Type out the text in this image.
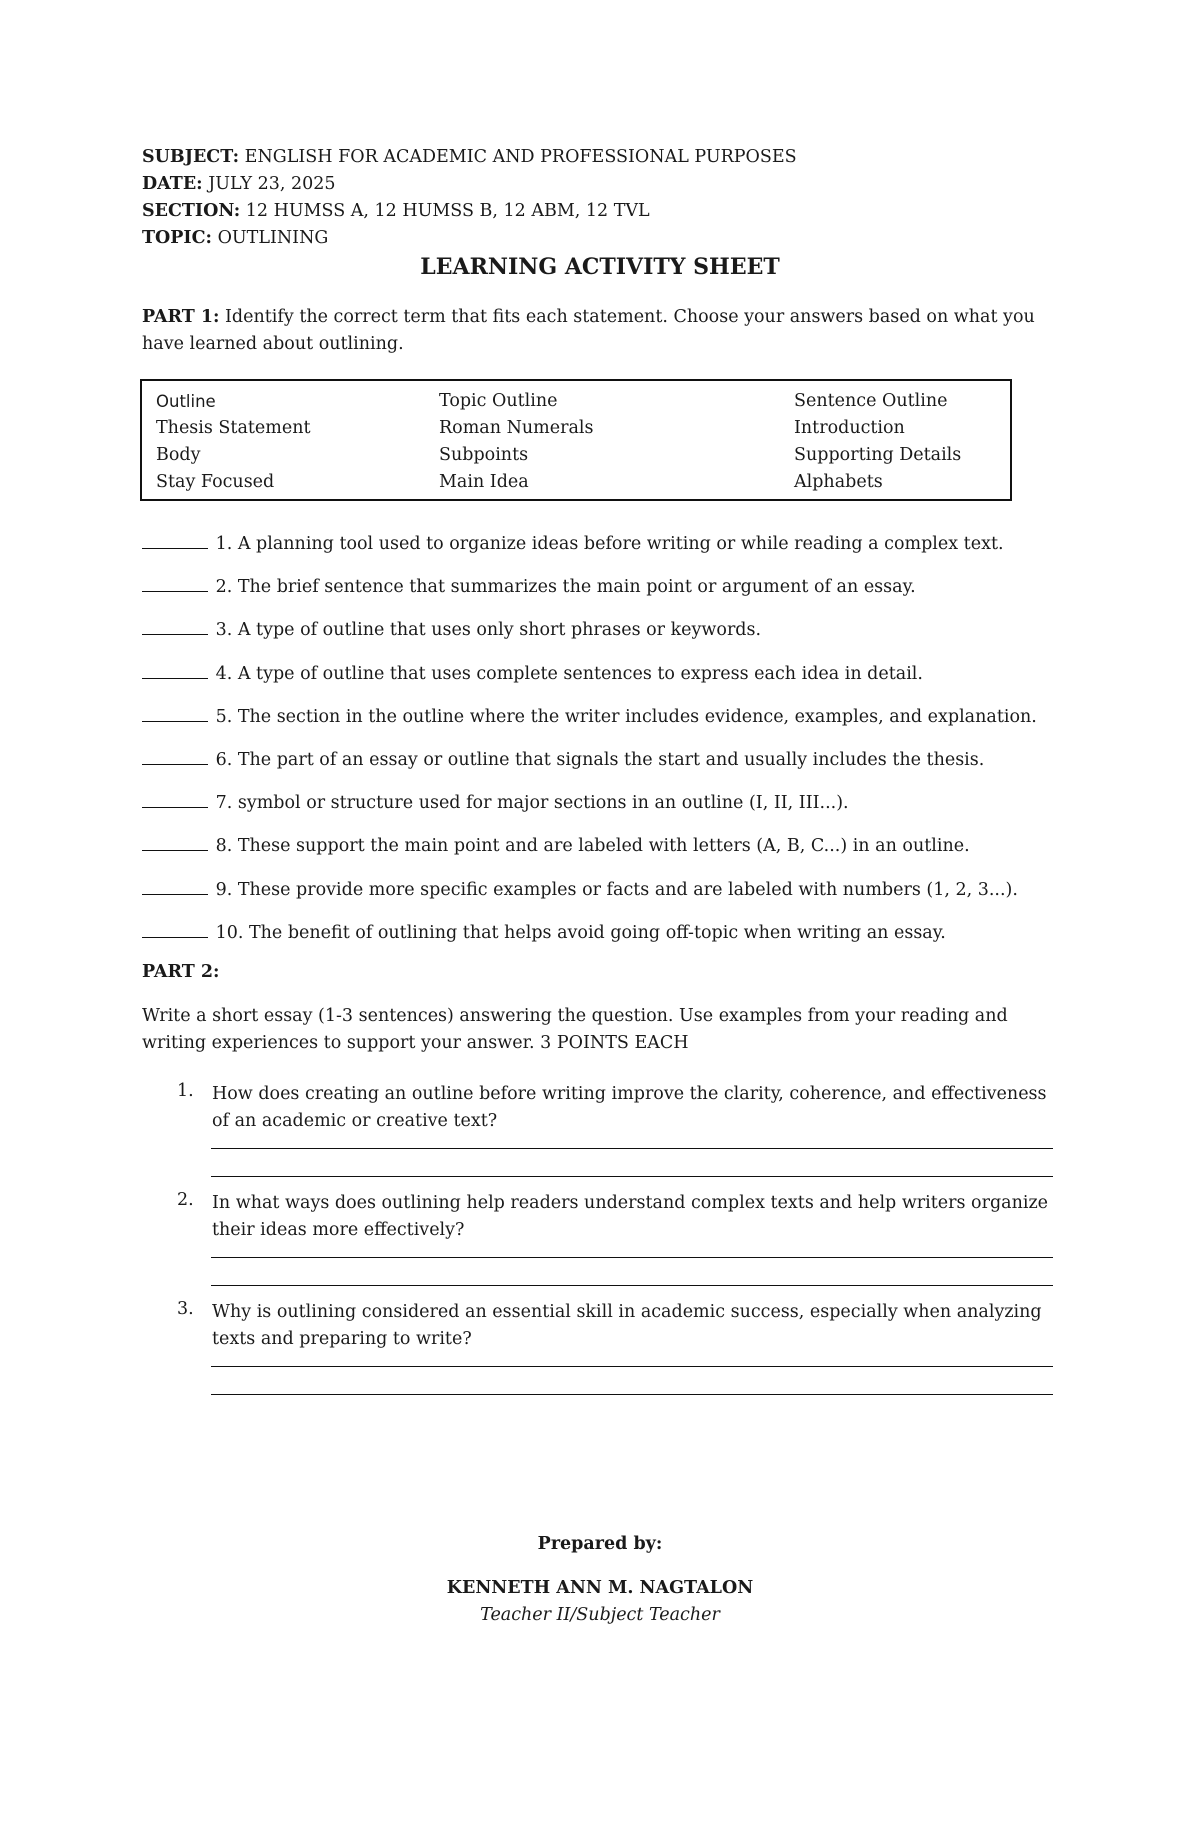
SUBJECT: ENGLISH FOR ACADEMIC AND PROFESSIONAL PURPOSES
DATE: JULY 23, 2025
SECTION: 12 HUMSS A, 12 HUMSS B, 12 ABM, 12 TVL
TOPIC: OUTLINING
LEARNING ACTIVITY SHEET
PART 1: Identify the correct term that fits each statement. Choose your answers based on what you have learned about outlining.
Outline	Topic Outline	Sentence Outline
Thesis Statement	Roman Numerals	Introduction
Body	Subpoints	Supporting Details
Stay Focused	Main Idea	Alphabets
1. A planning tool used to organize ideas before writing or while reading a complex text.
2. The brief sentence that summarizes the main point or argument of an essay.
3. A type of outline that uses only short phrases or keywords.
4. A type of outline that uses complete sentences to express each idea in detail.
5. The section in the outline where the writer includes evidence, examples, and explanation.
6. The part of an essay or outline that signals the start and usually includes the thesis.
7. symbol or structure used for major sections in an outline (I, II, III...).
8. These support the main point and are labeled with letters (A, B, C...) in an outline.
9. These provide more specific examples or facts and are labeled with numbers (1, 2, 3...).
10. The benefit of outlining that helps avoid going off-topic when writing an essay.
PART 2:
Write a short essay (1-3 sentences) answering the question. Use examples from your reading and writing experiences to support your answer. 3 POINTS EACH
1. How does creating an outline before writing improve the clarity, coherence, and effectiveness of an academic or creative text?
2. In what ways does outlining help readers understand complex texts and help writers organize their ideas more effectively?
3. Why is outlining considered an essential skill in academic success, especially when analyzing texts and preparing to write?
Prepared by:
KENNETH ANN M. NAGTALON
Teacher II/Subject Teacher
